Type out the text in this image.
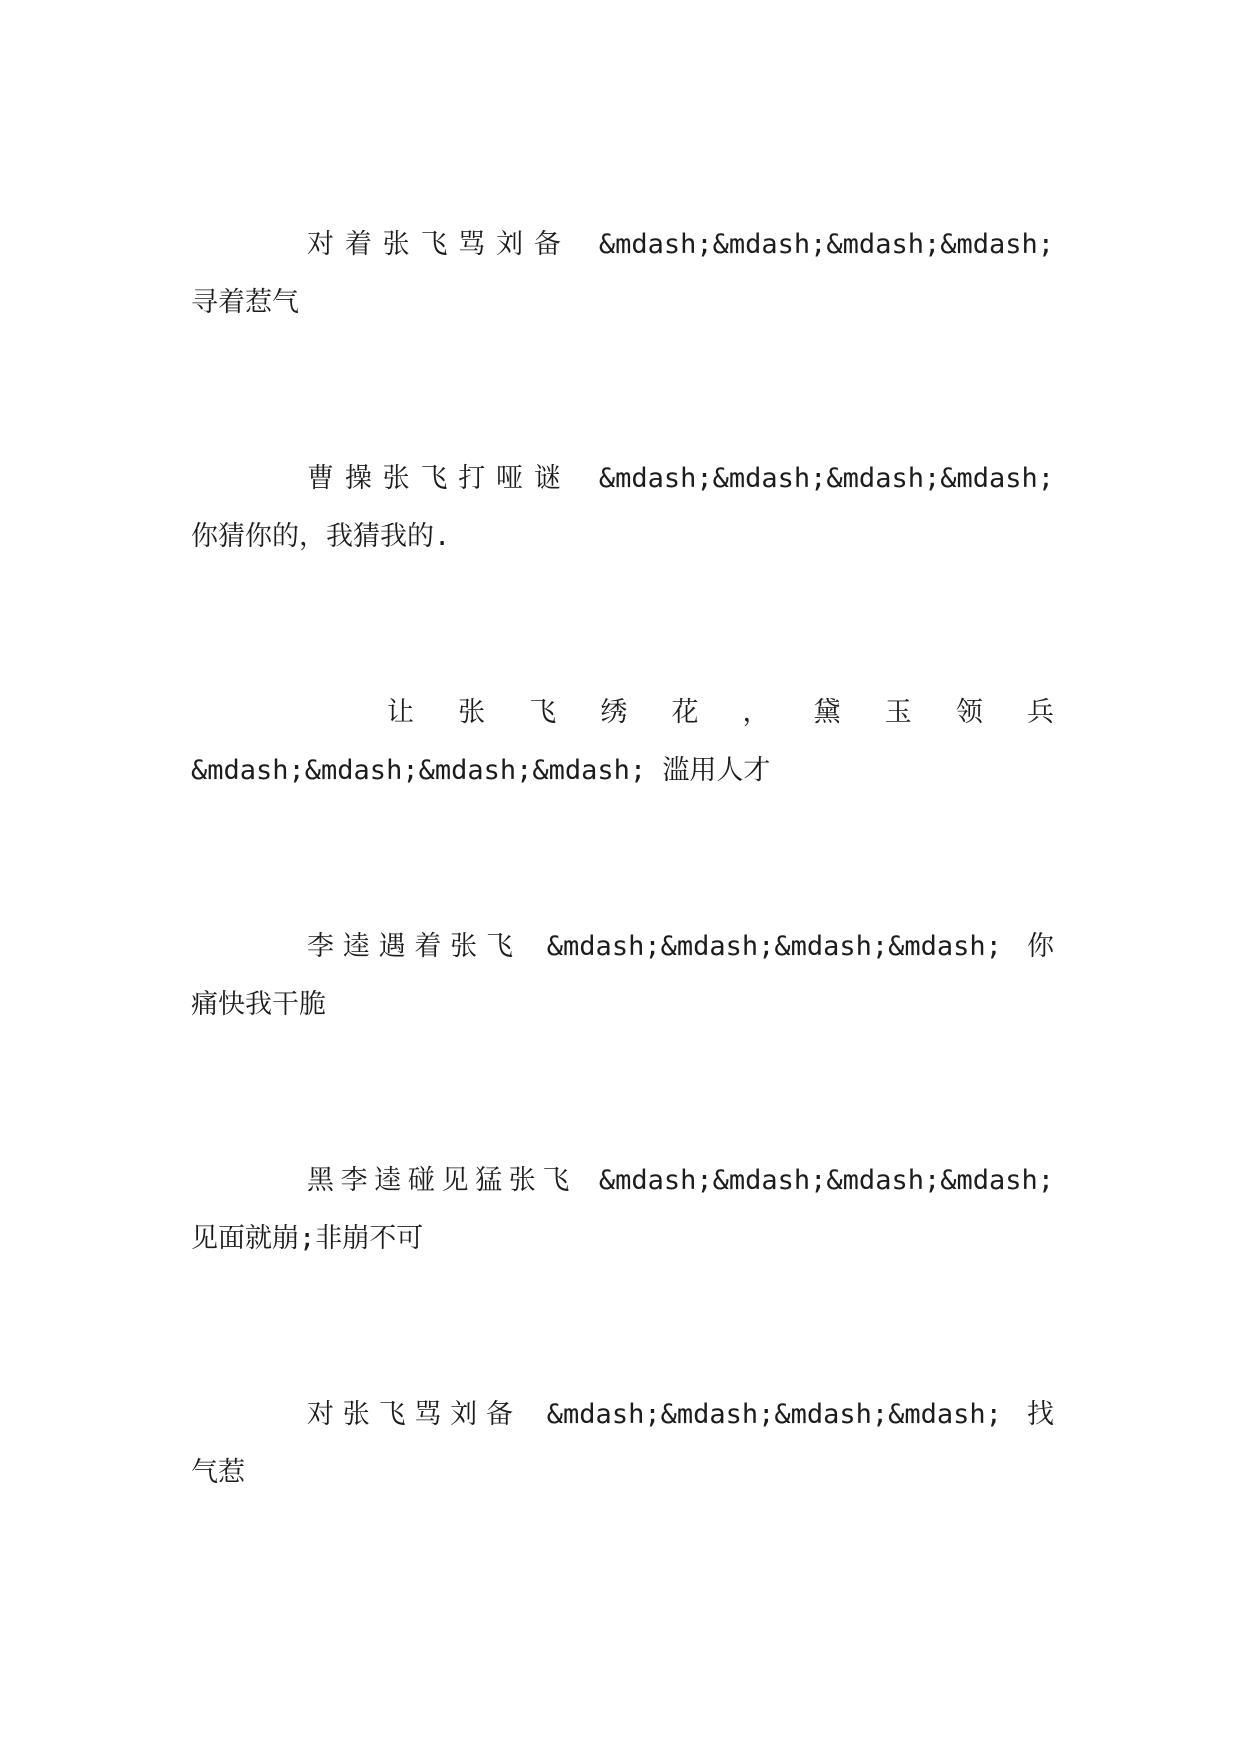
对着张飞骂刘备 &mdash;&mdash;&mdash;&mdash;
寻着惹气
曹操张飞打哑谜 &mdash;&mdash;&mdash;&mdash;
你猜你的，我猜我的.
让张飞绣花，黛玉领兵
&mdash;&mdash;&mdash;&mdash; 滥用人才
李逵遇着张飞 &mdash;&mdash;&mdash;&mdash; 你
痛快我干脆
黑李逵碰见猛张飞 &mdash;&mdash;&mdash;&mdash;
见面就崩;非崩不可
对张飞骂刘备 &mdash;&mdash;&mdash;&mdash; 找
气惹
